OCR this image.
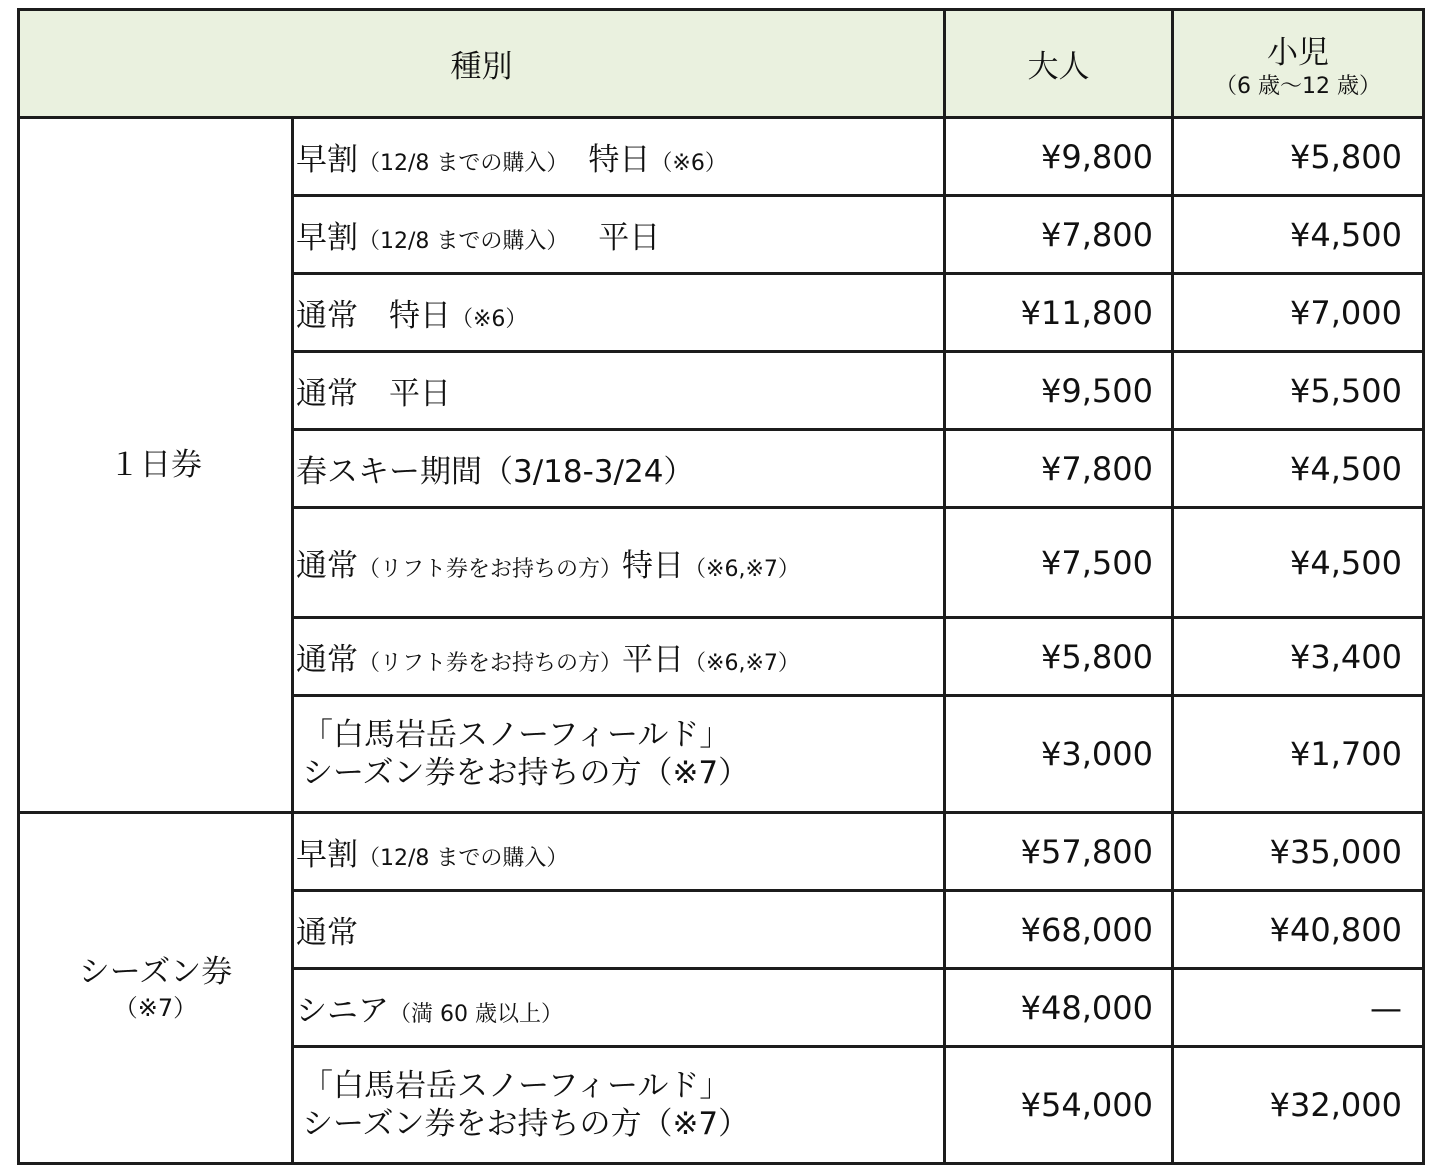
種別		大人	小児
（6 歳〜12 歳）

１日券	早割（12/8 までの購入）　特日（※6）	¥9,800	¥5,800
	早割（12/8 までの購入）　 平日	¥7,800	¥4,500
	通常　特日（※6）	¥11,800	¥7,000
	通常　平日	¥9,500	¥5,500
	春スキー期間（3/18-3/24）	¥7,800	¥4,500
	通常（リフト券をお持ちの方）特日（※6,※7）	¥7,500	¥4,500
	通常（リフト券をお持ちの方）平日（※6,※7）	¥5,800	¥3,400

	「白馬岩岳スノーフィールド」
シーズン券をお持ちの方（※7）	¥3,000	¥1,700
シーズン券
（※7）	早割（12/8 までの購入）	¥57,800	¥35,000
	通常	¥68,000	¥40,800
	シニア（満 60 歳以上）	¥48,000	—

	「白馬岩岳スノーフィールド」
シーズン券をお持ちの方（※7）	¥54,000	¥32,000
